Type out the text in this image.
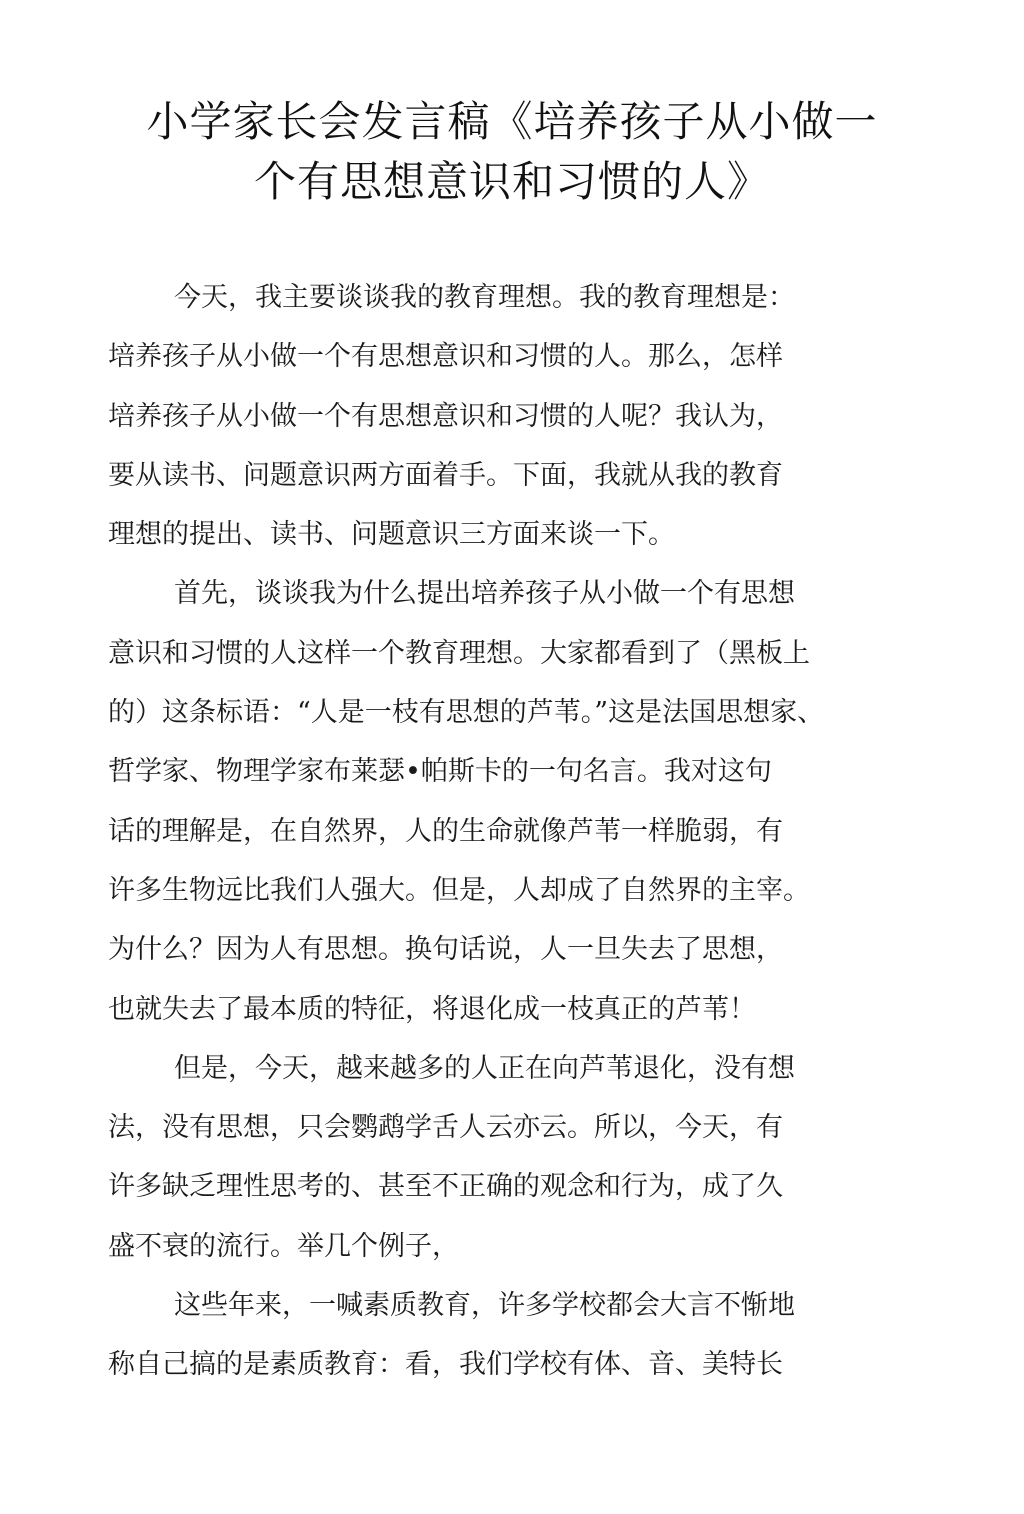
小学家长会发言稿《培养孩子从小做一
个有思想意识和习惯的人》
今天，我主要谈谈我的教育理想。我的教育理想是：
培养孩子从小做一个有思想意识和习惯的人。那么，怎样
培养孩子从小做一个有思想意识和习惯的人呢？我认为，
要从读书、问题意识两方面着手。下面，我就从我的教育
理想的提出、读书、问题意识三方面来谈一下。
首先，谈谈我为什么提出培养孩子从小做一个有思想
意识和习惯的人这样一个教育理想。大家都看到了（黑板上
的）这条标语：“人是一枝有思想的芦苇。”这是法国思想家、
哲学家、物理学家布莱瑟•帕斯卡的一句名言。我对这句
话的理解是，在自然界，人的生命就像芦苇一样脆弱，有
许多生物远比我们人强大。但是，人却成了自然界的主宰。
为什么？因为人有思想。换句话说，人一旦失去了思想，
也就失去了最本质的特征，将退化成一枝真正的芦苇！
但是，今天，越来越多的人正在向芦苇退化，没有想
法，没有思想，只会鹦鹉学舌人云亦云。所以，今天，有
许多缺乏理性思考的、甚至不正确的观念和行为，成了久
盛不衰的流行。举几个例子，
这些年来，一喊素质教育，许多学校都会大言不惭地
称自己搞的是素质教育：看，我们学校有体、音、美特长
